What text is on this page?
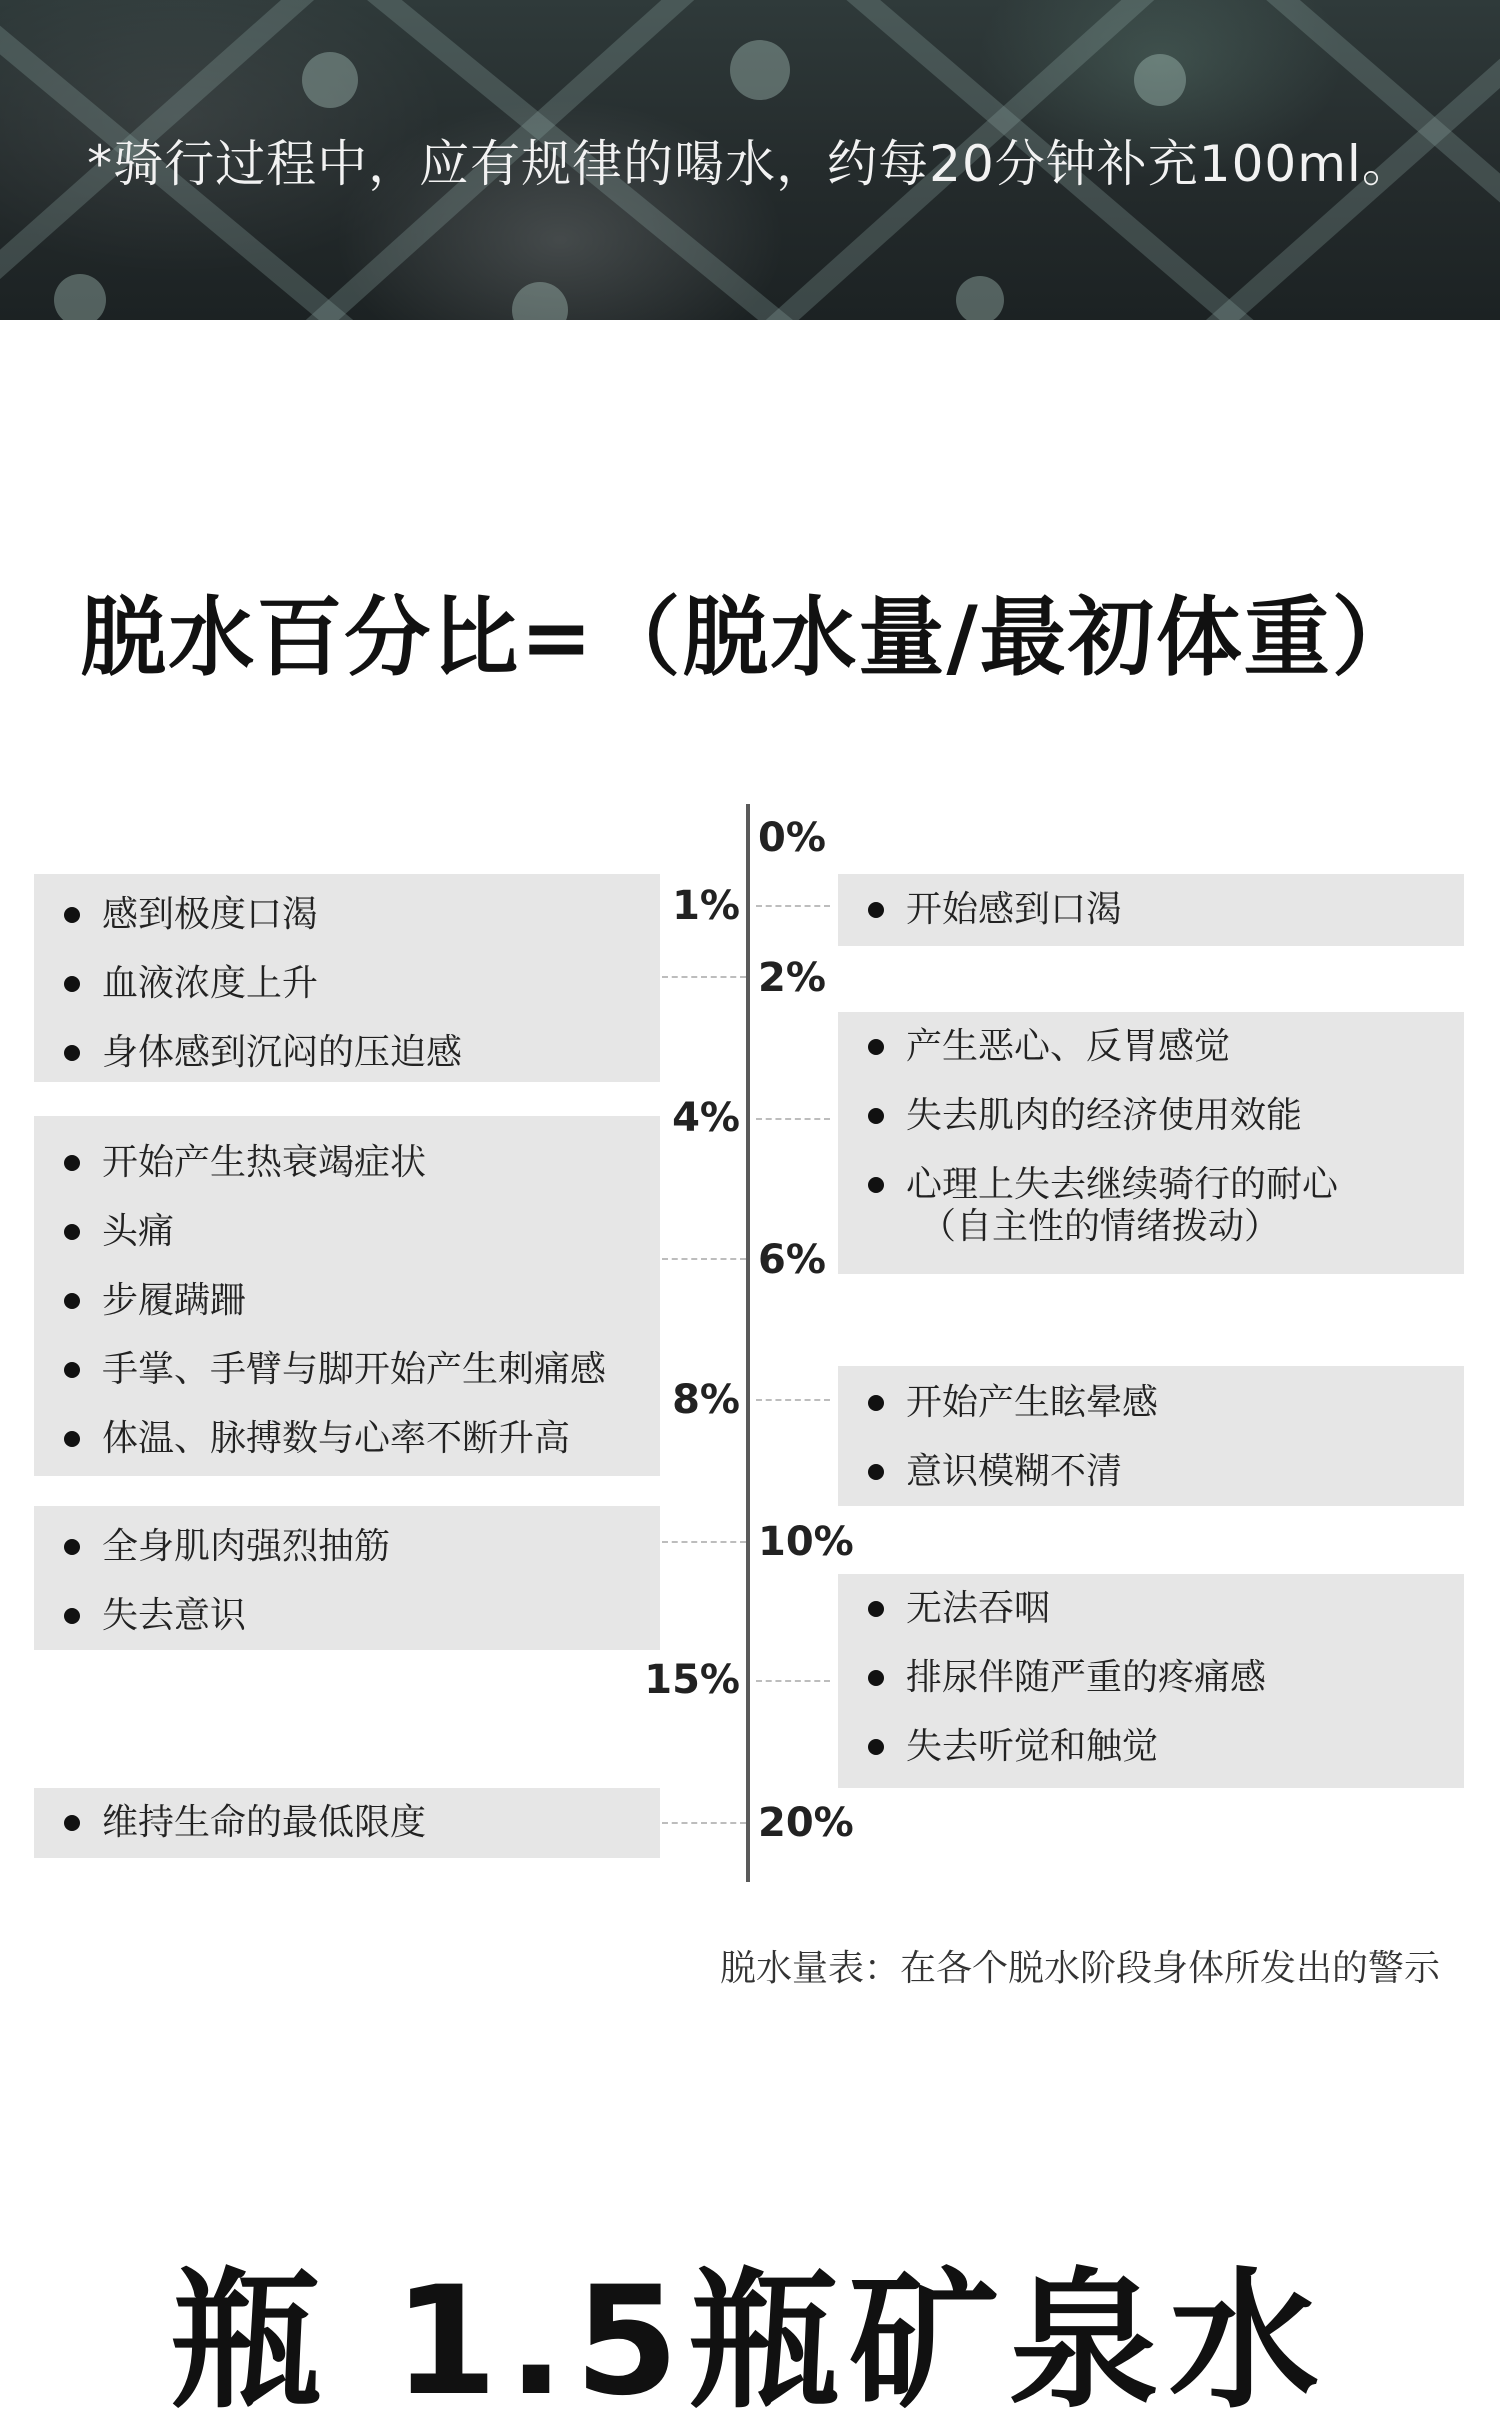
*骑行过程中，应有规律的喝水，约每20分钟补充100ml。
脱水百分比=（脱水量/最初体重）
0%
1%
2%
4%
6%
8%
10%
15%
20%
感到极度口渴
血液浓度上升
身体感到沉闷的压迫感
开始产生热衰竭症状
头痛
步履蹒跚
手掌、手臂与脚开始产生刺痛感
体温、脉搏数与心率不断升高
全身肌肉强烈抽筋
失去意识
维持生命的最低限度
开始感到口渴
产生恶心、反胃感觉
失去肌肉的经济使用效能
心理上失去继续骑行的耐心
（自主性的情绪拨动）
开始产生眩晕感
意识模糊不清
无法吞咽
排尿伴随严重的疼痛感
失去听觉和触觉
脱水量表：在各个脱水阶段身体所发出的警示
瓶 1.5瓶矿泉水
